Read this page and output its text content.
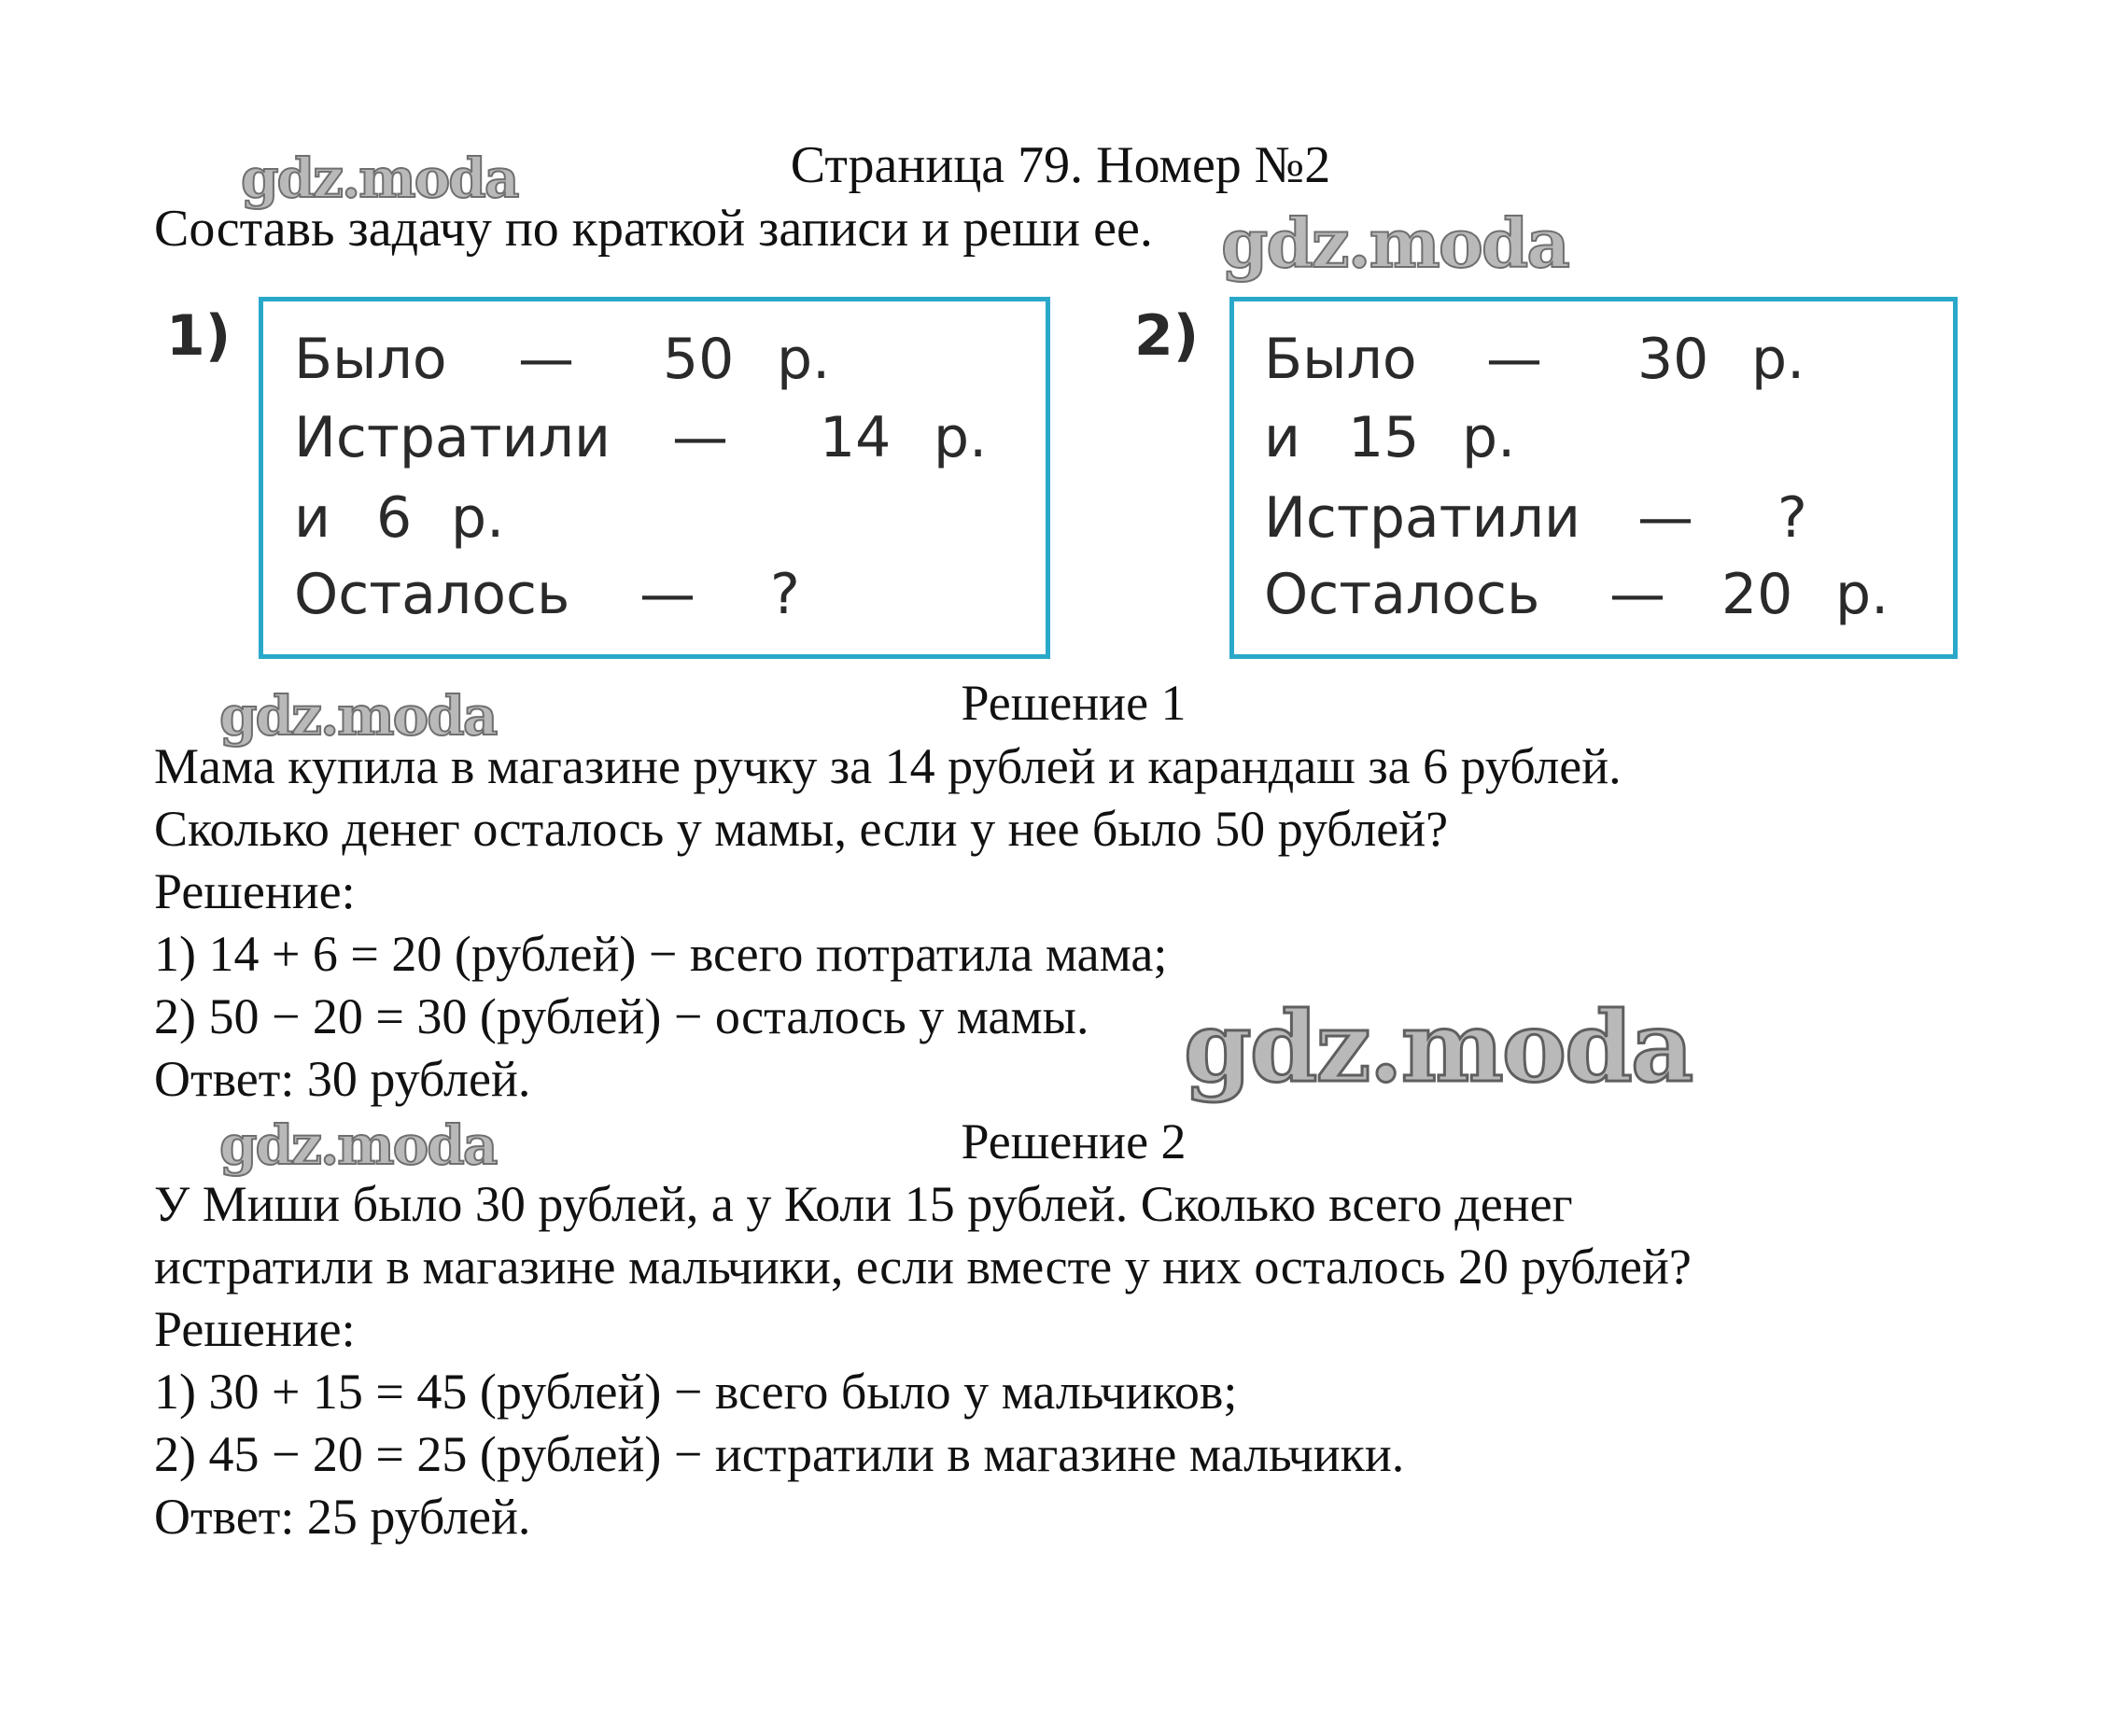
Страница 79. Номер №2
Составь задачу по краткой записи и реши ее.
1) Было — 50 р.
Истратили — 14 р.
и 6 р.
Осталось — ?
2) Было — 30 р.
и 15 р.
Истратили — ?
Осталось — 20 р.
Решение 1
Мама купила в магазине ручку за 14 рублей и карандаш за 6 рублей.
Сколько денег осталось у мамы, если у нее было 50 рублей?
Решение:
1) 14 + 6 = 20 (рублей) − всего потратила мама;
2) 50 − 20 = 30 (рублей) − осталось у мамы.
Ответ: 30 рублей.
Решение 2
У Миши было 30 рублей, а у Коли 15 рублей. Сколько всего денег
истратили в магазине мальчики, если вместе у них осталось 20 рублей?
Решение:
1) 30 + 15 = 45 (рублей) − всего было у мальчиков;
2) 45 − 20 = 25 (рублей) − истратили в магазине мальчики.
Ответ: 25 рублей.
gdz.moda
gdz.moda
gdz.moda
gdz.moda
gdz.moda
